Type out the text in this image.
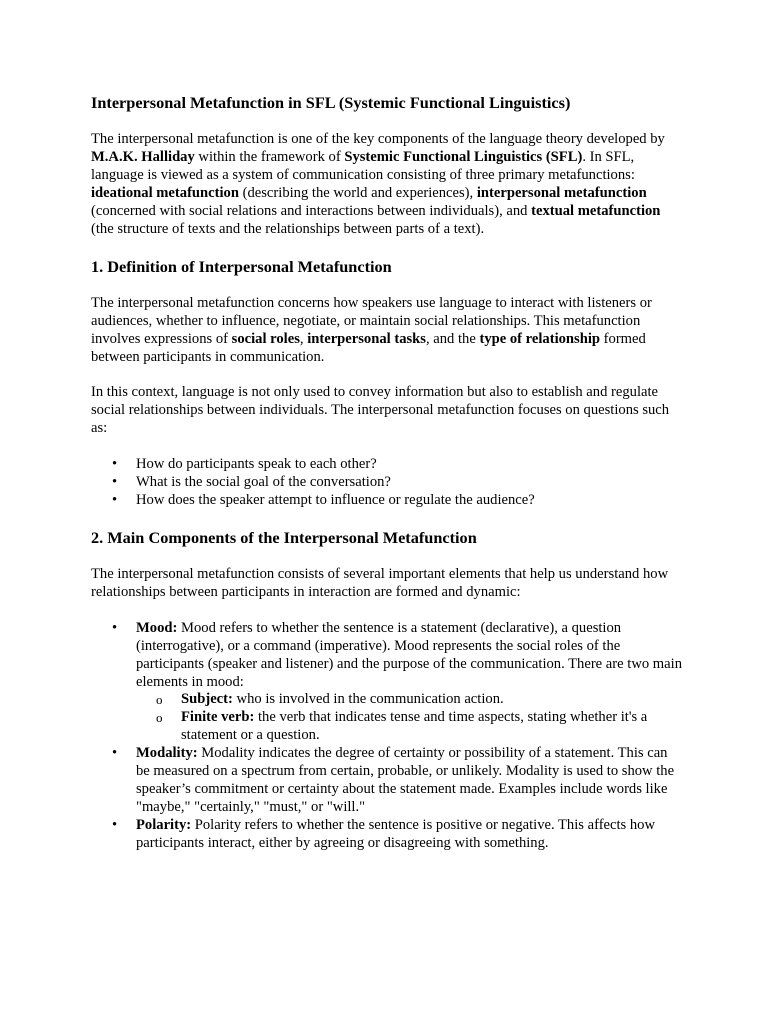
Interpersonal Metafunction in SFL (Systemic Functional Linguistics)

The interpersonal metafunction is one of the key components of the language theory developed by M.A.K. Halliday within the framework of Systemic Functional Linguistics (SFL). In SFL, language is viewed as a system of communication consisting of three primary metafunctions: ideational metafunction (describing the world and experiences), interpersonal metafunction (concerned with social relations and interactions between individuals), and textual metafunction (the structure of texts and the relationships between parts of a text).

1. Definition of Interpersonal Metafunction

The interpersonal metafunction concerns how speakers use language to interact with listeners or audiences, whether to influence, negotiate, or maintain social relationships. This metafunction involves expressions of social roles, interpersonal tasks, and the type of relationship formed between participants in communication.

In this context, language is not only used to convey information but also to establish and regulate social relationships between individuals. The interpersonal metafunction focuses on questions such as:

•	How do participants speak to each other?
•	What is the social goal of the conversation?
•	How does the speaker attempt to influence or regulate the audience?
2. Main Components of the Interpersonal Metafunction

The interpersonal metafunction consists of several important elements that help us understand how relationships between participants in interaction are formed and dynamic:

•	Mood: Mood refers to whether the sentence is a statement (declarative), a question (interrogative), or a command (imperative). Mood represents the social roles of the participants (speaker and listener) and the purpose of the communication. There are two main elements in mood:
o Subject: who is involved in the communication action.
o Finite verb: the verb that indicates tense and time aspects, stating whether it's a statement or a question.
•	Modality: Modality indicates the degree of certainty or possibility of a statement. This can be measured on a spectrum from certain, probable, or unlikely. Modality is used to show the speaker’s commitment or certainty about the statement made. Examples include words like "maybe," "certainly," "must," or "will."
•	Polarity: Polarity refers to whether the sentence is positive or negative. This affects how participants interact, either by agreeing or disagreeing with something.
